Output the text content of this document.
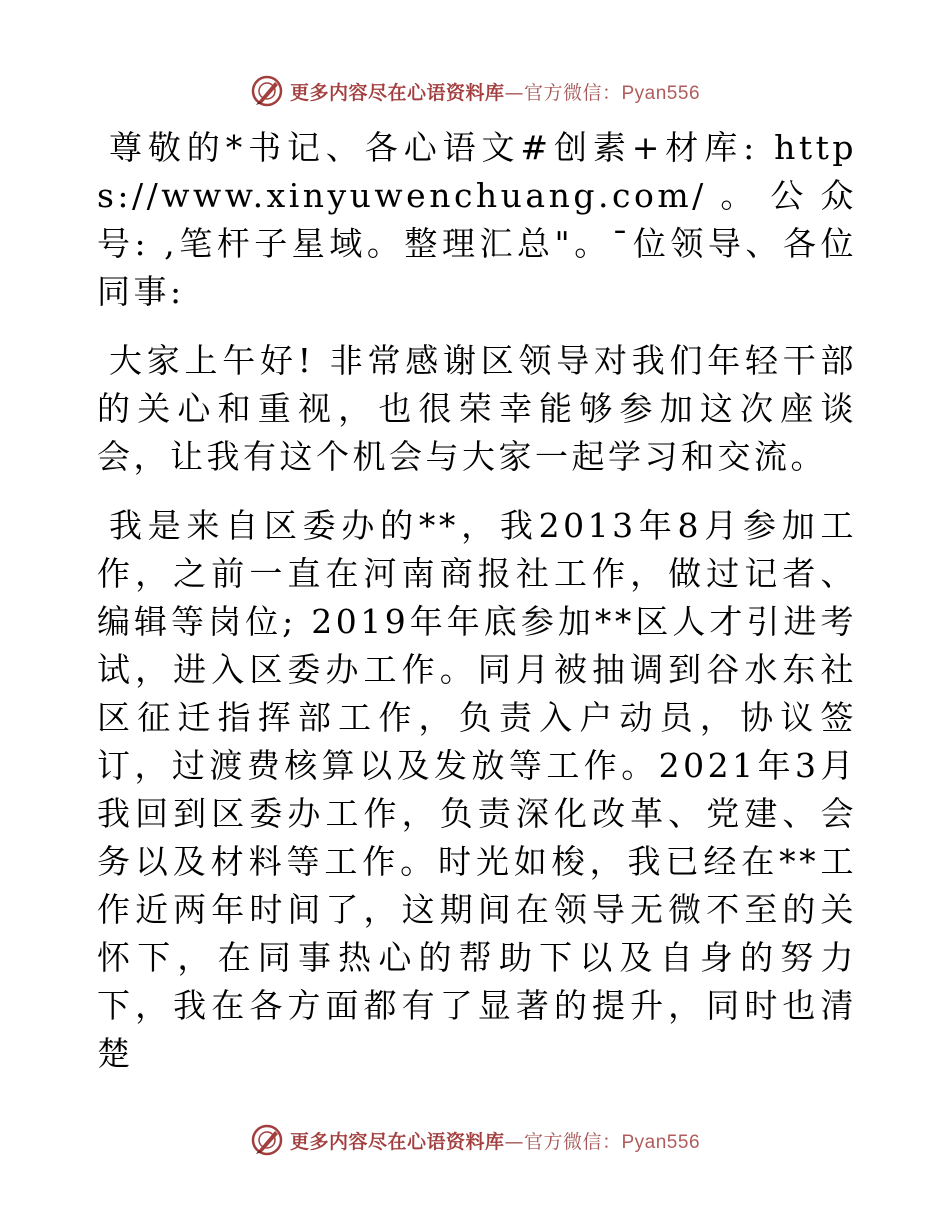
更多内容尽在心语资料库—官方微信：Pyan556

尊敬的*书记、各心语文#创素+材库: https://www.xinyuwenchuang.com/。公众号: ,笔杆子星域。整理汇总"。¯位领导、各位同事:

大家上午好! 非常感谢区领导对我们年轻干部的关心和重视，也很荣幸能够参加这次座谈会，让我有这个机会与大家一起学习和交流。

我是来自区委办的**，我2013年8月参加工作，之前一直在河南商报社工作，做过记者、编辑等岗位; 2019年年底参加**区人才引进考试，进入区委办工作。同月被抽调到谷水东社区征迁指挥部工作，负责入户动员，协议签订，过渡费核算以及发放等工作。2021年3月我回到区委办工作，负责深化改革、党建、会务以及材料等工作。时光如梭，我已经在**工作近两年时间了，这期间在领导无微不至的关怀下，在同事热心的帮助下以及自身的努力下，我在各方面都有了显著的提升，同时也清楚

更多内容尽在心语资料库—官方微信：Pyan556
